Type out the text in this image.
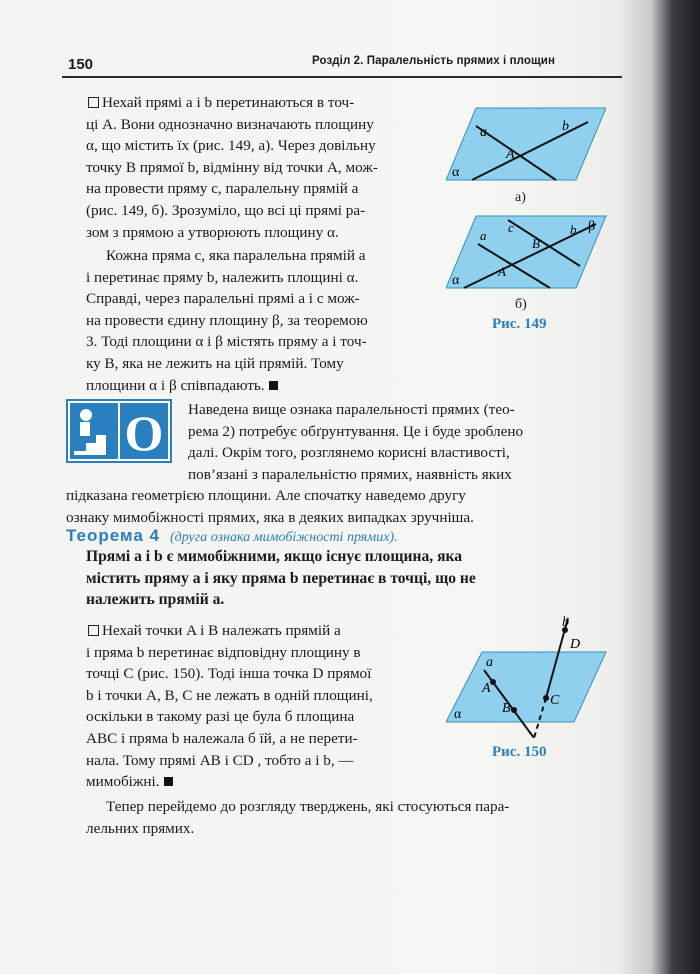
150	Розділ 2. Паралельність прямих і площин

Нехай прямі a і b перетинаються в точ-

ці A. Вони однозначно визначають площину

α, що містить їх (рис. 149, а). Через довільну

точку B прямої b, відмінну від точки A, мож-

на провести пряму c, паралельну прямій a

(рис. 149, б). Зрозуміло, що всі ці прямі ра-

зом з прямою a утворюють площину α.

Кожна пряма c, яка паралельна прямій a

і перетинає пряму b, належить площині α.

Справді, через паралельні прямі a і c мож-

на провести єдину площину β, за теоремою

3. Тоді площини α і β містять пряму a і точ-

ку B, яка не лежить на цій прямій. Тому

площини α і β співпадають.

a	b
A
α
а)
a
c	b β
B
A
α
б)
Рис. 149
O Наведена вище ознака паралельності прямих (тео-

рема 2) потребує обґрунтування. Це і буде зроблено

далі. Окрім того, розглянемо корисні властивості,

пов’язані з паралельністю прямих, наявність яких

підказана геометрією площини. Але спочатку наведемо другу

ознаку мимобіжності прямих, яка в деяких випадках зручніша.

Теорема 4 (друга ознака мимобіжності прямих).

Прямі a і b є мимобіжними, якщо існує площина, яка

містить пряму a і яку пряма b перетинає в точці, що не

належить прямій a.

Нехай точки A і B належать прямій a

і пряма b перетинає відповідну площину в

точці C (рис. 150). Тоді інша точка D прямої

b і точки A, B, C не лежать в одній площині,

оскільки в такому разі це була б площина

ABC і пряма b належала б їй, а не перети-

нала. Тому прямі AB і CD , тобто a і b, —

мимобіжні.

a
b
D
A
B
C
α
Рис. 150

Тепер перейдемо до розгляду тверджень, які стосуються пара-

лельних прямих.
